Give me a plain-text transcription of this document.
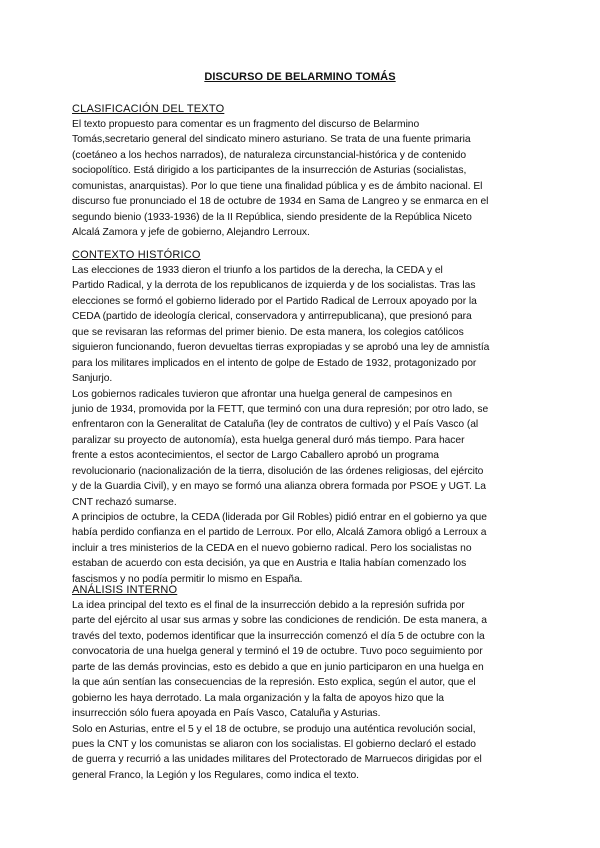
DISCURSO DE BELARMINO TOMÁS
CLASIFICACIÓN DEL TEXTO
El texto propuesto para comentar es un fragmento del discurso de Belarmino
Tomás,secretario general del sindicato minero asturiano. Se trata de una fuente primaria
(coetáneo a los hechos narrados), de naturaleza circunstancial-histórica y de contenido
sociopolítico. Está dirigido a los participantes de la insurrección de Asturias (socialistas,
comunistas, anarquistas). Por lo que tiene una finalidad pública y es de ámbito nacional. El
discurso fue pronunciado el 18 de octubre de 1934 en Sama de Langreo y se enmarca en el
segundo bienio (1933-1936) de la II República, siendo presidente de la República Niceto
Alcalá Zamora y jefe de gobierno, Alejandro Lerroux.
CONTEXTO HISTÓRICO
Las elecciones de 1933 dieron el triunfo a los partidos de la derecha, la CEDA y el
Partido Radical, y la derrota de los republicanos de izquierda y de los socialistas. Tras las
elecciones se formó el gobierno liderado por el Partido Radical de Lerroux apoyado por la
CEDA (partido de ideología clerical, conservadora y antirrepublicana), que presionó para
que se revisaran las reformas del primer bienio. De esta manera, los colegios católicos
siguieron funcionando, fueron devueltas tierras expropiadas y se aprobó una ley de amnistía
para los militares implicados en el intento de golpe de Estado de 1932, protagonizado por
Sanjurjo.
Los gobiernos radicales tuvieron que afrontar una huelga general de campesinos en
junio de 1934, promovida por la FETT, que terminó con una dura represión; por otro lado, se
enfrentaron con la Generalitat de Cataluña (ley de contratos de cultivo) y el País Vasco (al
paralizar su proyecto de autonomía), esta huelga general duró más tiempo. Para hacer
frente a estos acontecimientos, el sector de Largo Caballero aprobó un programa
revolucionario (nacionalización de la tierra, disolución de las órdenes religiosas, del ejército
y de la Guardia Civil), y en mayo se formó una alianza obrera formada por PSOE y UGT. La
CNT rechazó sumarse.
A principios de octubre, la CEDA (liderada por Gil Robles) pidió entrar en el gobierno ya que
había perdido confianza en el partido de Lerroux. Por ello, Alcalá Zamora obligó a Lerroux a
incluir a tres ministerios de la CEDA en el nuevo gobierno radical. Pero los socialistas no
estaban de acuerdo con esta decisión, ya que en Austria e Italia habían comenzado los
fascismos y no podía permitir lo mismo en España.
ANÁLISIS INTERNO
La idea principal del texto es el final de la insurrección debido a la represión sufrida por
parte del ejército al usar sus armas y sobre las condiciones de rendición. De esta manera, a
través del texto, podemos identificar que la insurrección comenzó el día 5 de octubre con la
convocatoria de una huelga general y terminó el 19 de octubre. Tuvo poco seguimiento por
parte de las demás provincias, esto es debido a que en junio participaron en una huelga en
la que aún sentían las consecuencias de la represión. Esto explica, según el autor, que el
gobierno les haya derrotado. La mala organización y la falta de apoyos hizo que la
insurrección sólo fuera apoyada en País Vasco, Cataluña y Asturias.
Solo en Asturias, entre el 5 y el 18 de octubre, se produjo una auténtica revolución social,
pues la CNT y los comunistas se aliaron con los socialistas. El gobierno declaró el estado
de guerra y recurrió a las unidades militares del Protectorado de Marruecos dirigidas por el
general Franco, la Legión y los Regulares, como indica el texto.
